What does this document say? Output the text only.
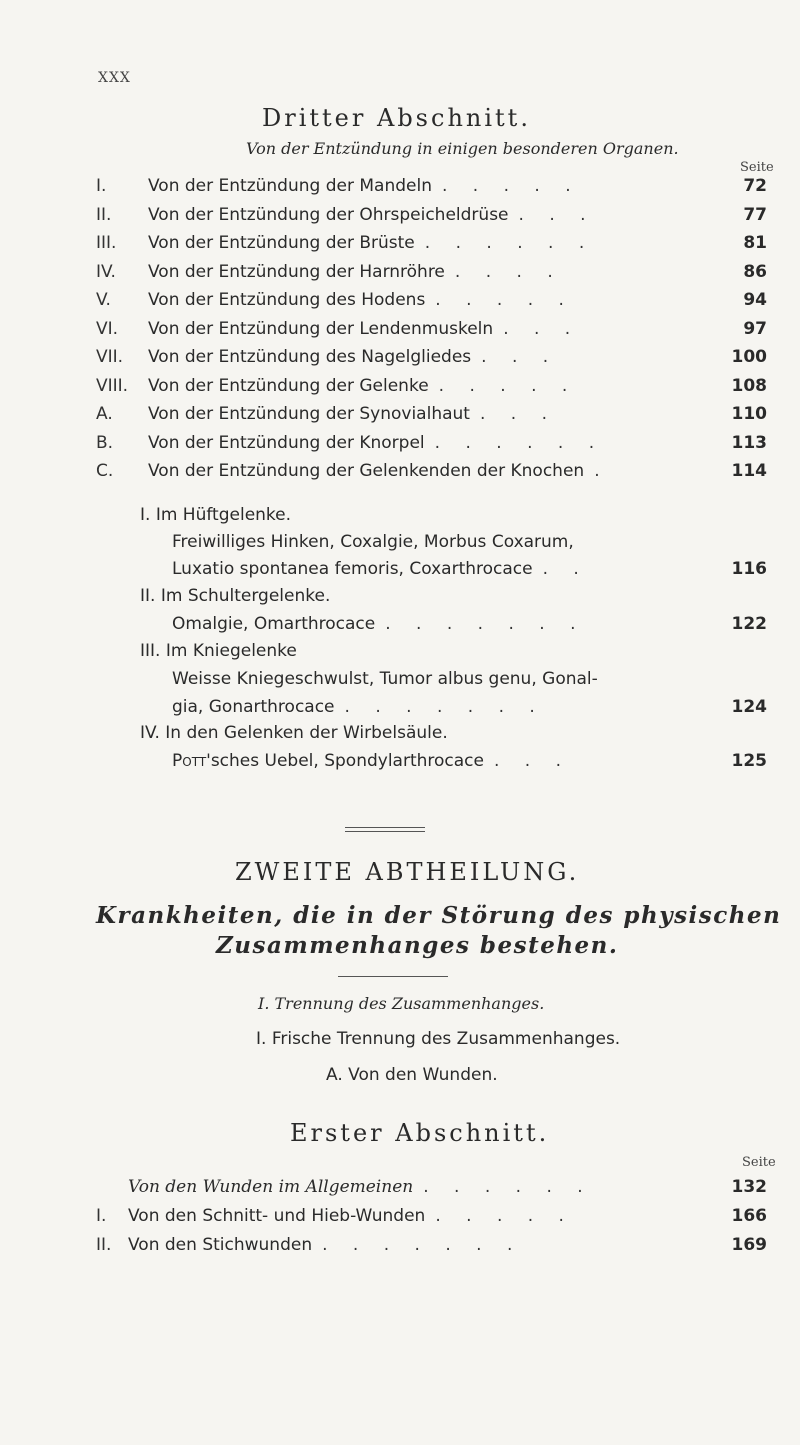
XXX
Dritter Abschnitt.
Von der Entzündung in einigen besonderen Organen.
Seite
I.	Von der Entzündung der Mandeln . . . . .	72
II.	Von der Entzündung der Ohrspeicheldrüse . . .	77
III.	Von der Entzündung der Brüste . . . . . .	81
IV.	Von der Entzündung der Harnröhre . . . .	86
V.	Von der Entzündung des Hodens . . . . .	94
VI.	Von der Entzündung der Lendenmuskeln . . .	97
VII.	Von der Entzündung des Nagelgliedes . . .	100
VIII.	Von der Entzündung der Gelenke . . . . .	108
A.	Von der Entzündung der Synovialhaut . . .	110
B.	Von der Entzündung der Knorpel . . . . . .	113
C.	Von der Entzündung der Gelenkenden der Knochen .	114
I. Im Hüftgelenke.
Freiwilliges Hinken, Coxalgie, Morbus Coxarum,
Luxatio spontanea femoris, Coxarthrocace . .	116
II. Im Schultergelenke.
Omalgie, Omarthrocace . . . . . . .	122
III. Im Kniegelenke
Weisse Kniegeschwulst, Tumor albus genu, Gonal-
gia, Gonarthrocace . . . . . . .	124
IV. In den Gelenken der Wirbelsäule.
Pott'sches Uebel, Spondylarthrocace . . .	125
ZWEITE ABTHEILUNG.
Krankheiten, die in der Störung des physischen
Zusammenhanges bestehen.
I. Trennung des Zusammenhanges.
I. Frische Trennung des Zusammenhanges.
A. Von den Wunden.
Erster Abschnitt.
Seite
Von den Wunden im Allgemeinen . . . . . .	132
I.	Von den Schnitt- und Hieb-Wunden . . . . .	166
II. Von den Stichwunden . . . . . . .	169
